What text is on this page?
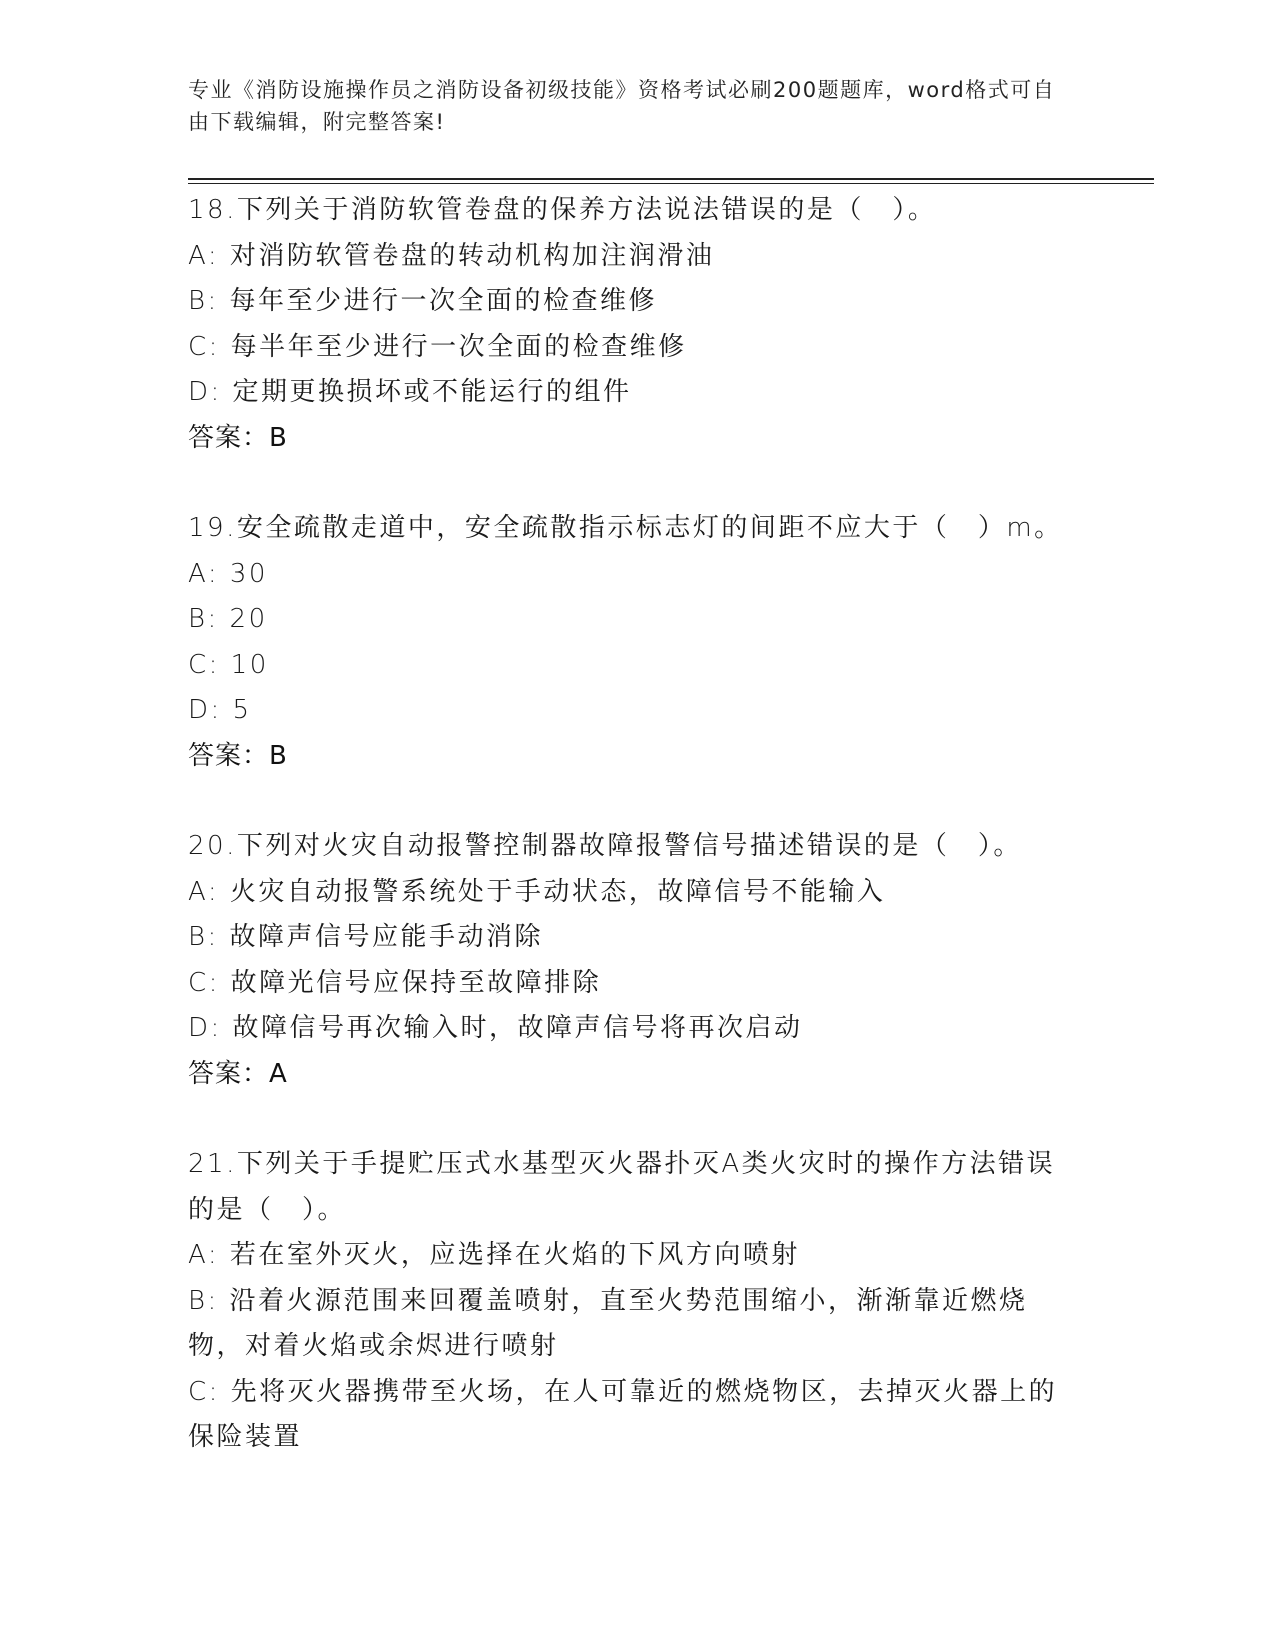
专业《消防设施操作员之消防设备初级技能》资格考试必刷200题题库，word格式可自由下载编辑，附完整答案!
18.下列关于消防软管卷盘的保养方法说法错误的是（　）。
A: 对消防软管卷盘的转动机构加注润滑油
B: 每年至少进行一次全面的检查维修
C: 每半年至少进行一次全面的检查维修
D: 定期更换损坏或不能运行的组件
答案：B
19.安全疏散走道中，安全疏散指示标志灯的间距不应大于（　）m。
A: 30
B: 20
C: 10
D: 5
答案：B
20.下列对火灾自动报警控制器故障报警信号描述错误的是（　）。
A: 火灾自动报警系统处于手动状态，故障信号不能输入
B: 故障声信号应能手动消除
C: 故障光信号应保持至故障排除
D: 故障信号再次输入时，故障声信号将再次启动
答案：A
21.下列关于手提贮压式水基型灭火器扑灭A类火灾时的操作方法错误的是（　）。
A: 若在室外灭火，应选择在火焰的下风方向喷射
B: 沿着火源范围来回覆盖喷射，直至火势范围缩小，渐渐靠近燃烧物，对着火焰或余烬进行喷射
C: 先将灭火器携带至火场，在人可靠近的燃烧物区，去掉灭火器上的保险装置
